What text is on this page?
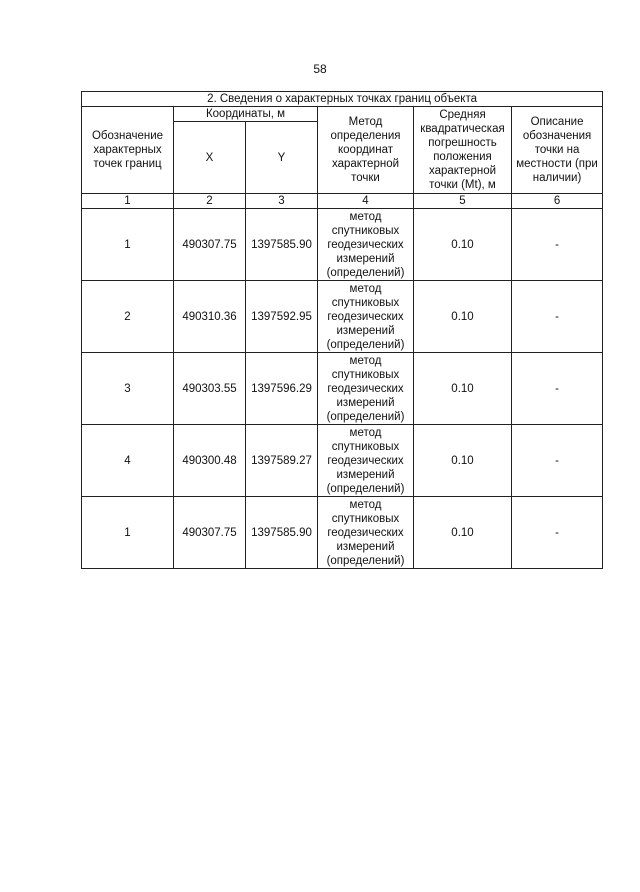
58
2. Сведения о характерных точках границ объекта					
Обозначение характерных точек границ	Координаты, м		Метод определения координат характерной точки	Средняя квадратическая погрешность положения характерной точки (Mt), м	Описание обозначения точки на местности (при наличии)
	X	Y			
1	2	3	4	5	6
1	490307.75	1397585.90	метод спутниковых геодезических измерений (определений)	0.10	-
2	490310.36	1397592.95	метод спутниковых геодезических измерений (определений)	0.10	-
3	490303.55	1397596.29	метод спутниковых геодезических измерений (определений)	0.10	-
4	490300.48	1397589.27	метод спутниковых геодезических измерений (определений)	0.10	-
1	490307.75	1397585.90	метод спутниковых геодезических измерений (определений)	0.10	-
